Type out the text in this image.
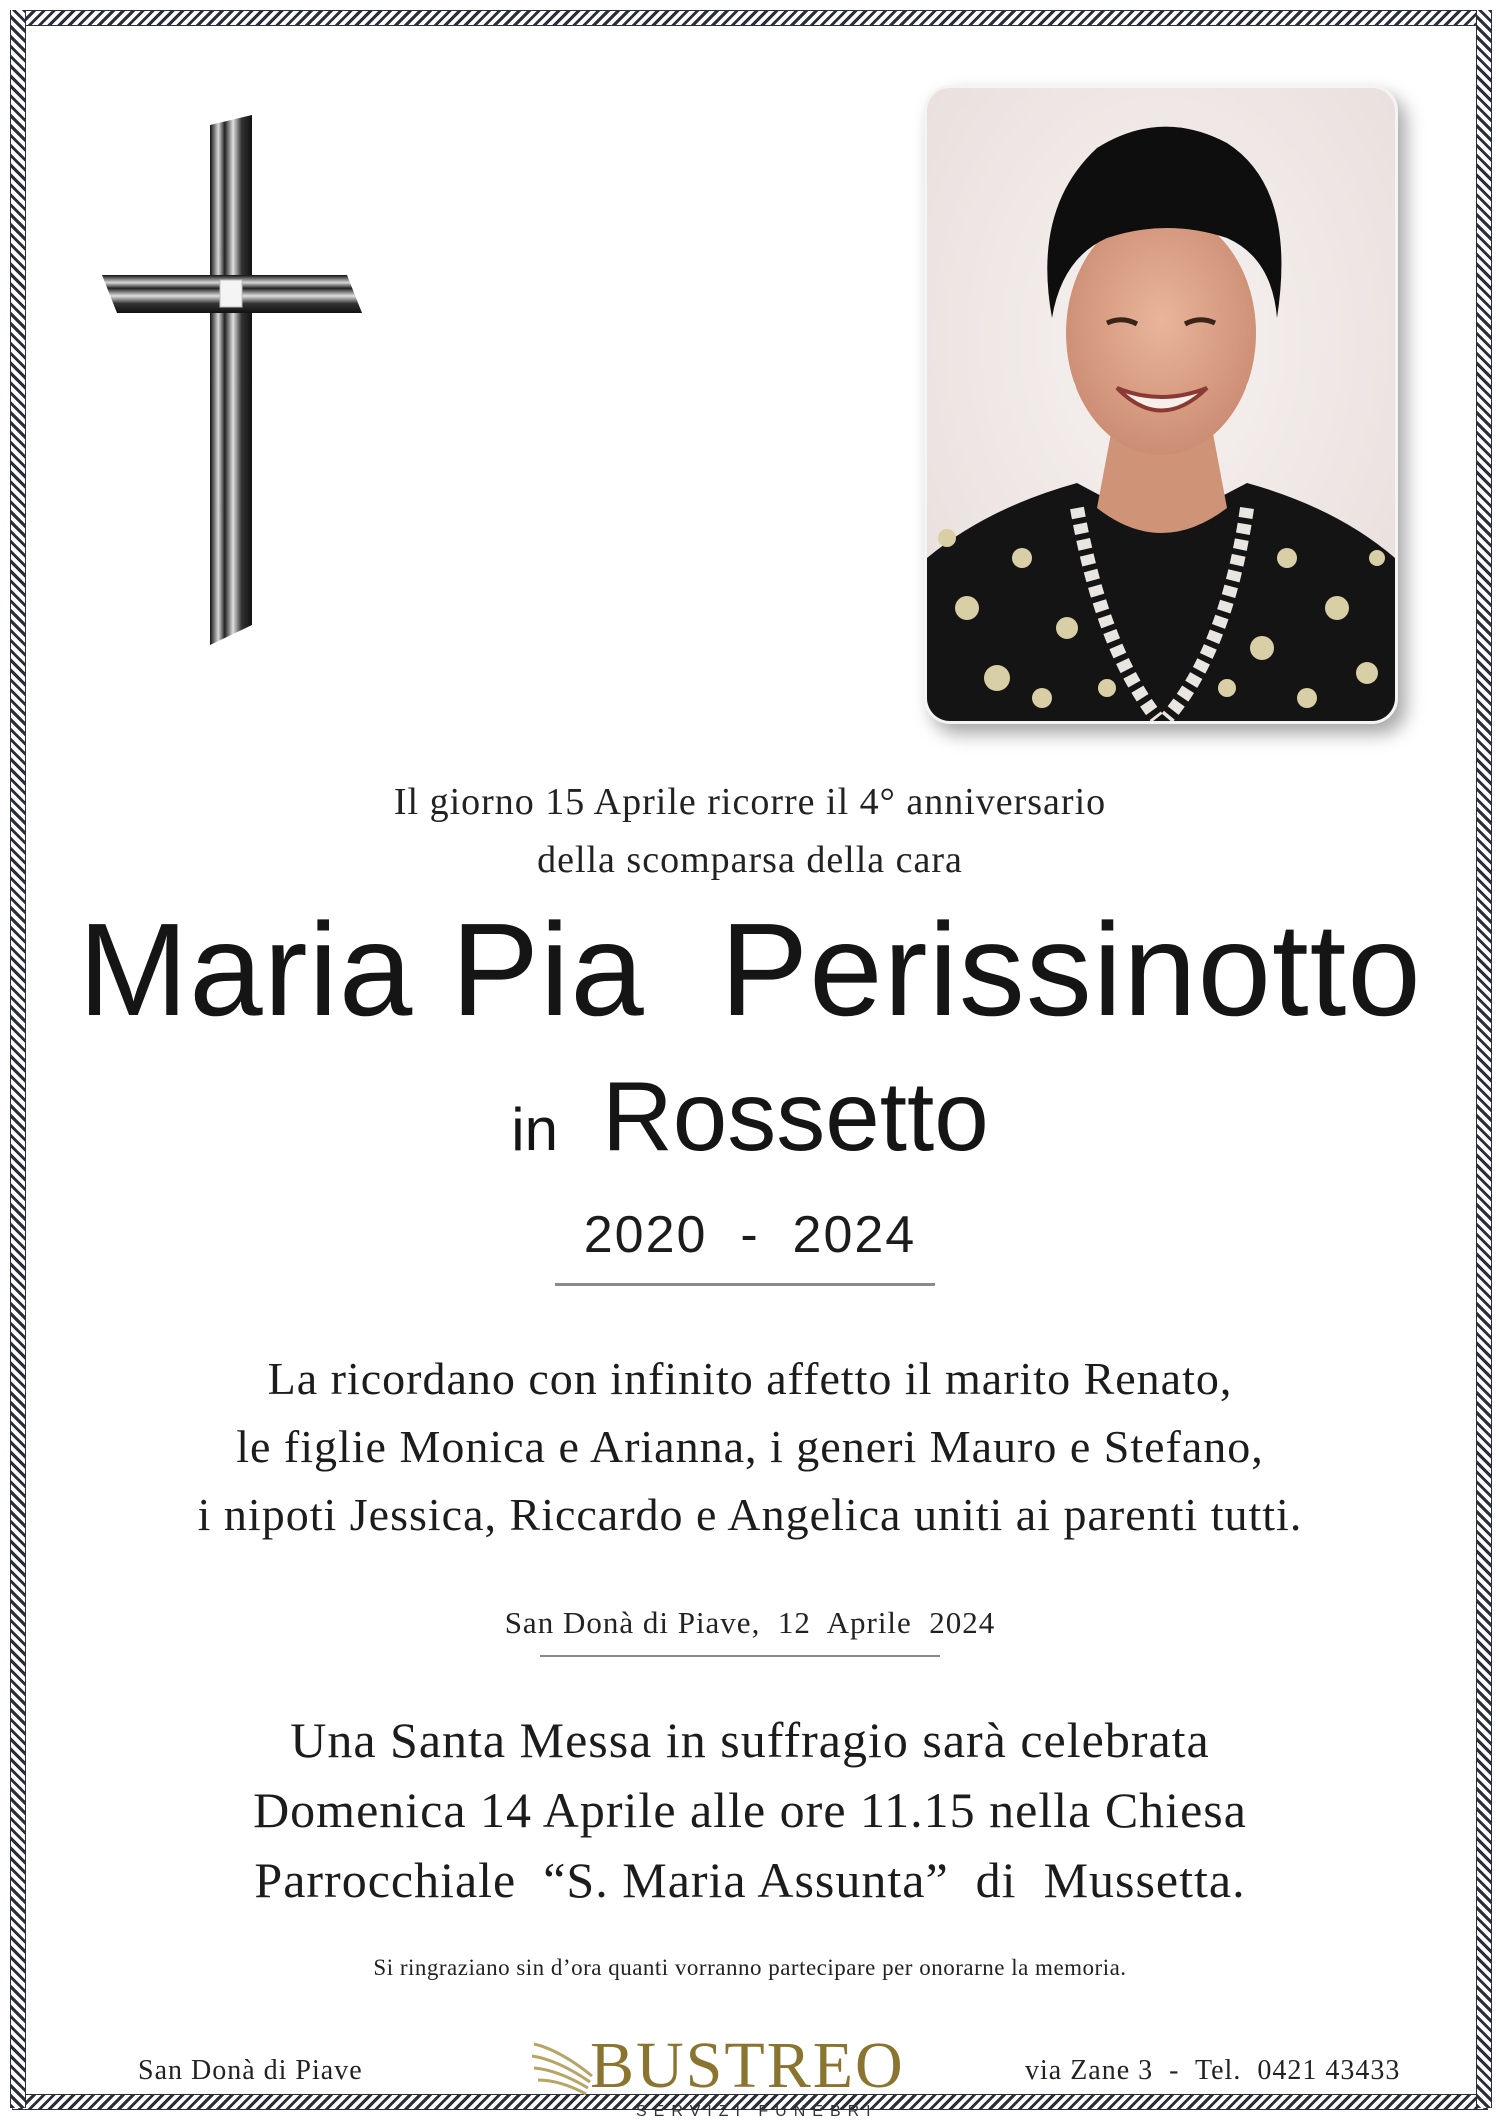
Il giorno 15 Aprile ricorre il 4° anniversario
della scomparsa della cara
Maria Pia  Perissinotto
in Rossetto
2020  -  2024
La ricordano con infinito affetto il marito Renato,
le figlie Monica e Arianna, i generi Mauro e Stefano,
i nipoti Jessica, Riccardo e Angelica uniti ai parenti tutti.
San Donà di Piave,  12  Aprile  2024
Una Santa Messa in suffragio sarà celebrata
Domenica 14 Aprile alle ore 11.15 nella Chiesa
Parrocchiale  “S. Maria Assunta”  di  Mussetta.
Si ringraziano sin d’ora quanti vorranno partecipare per onorarne la memoria.
San Donà di Piave	BUSTREO
SERVIZI FUNEBRI
via Zane 3  -  Tel.  0421 43433
